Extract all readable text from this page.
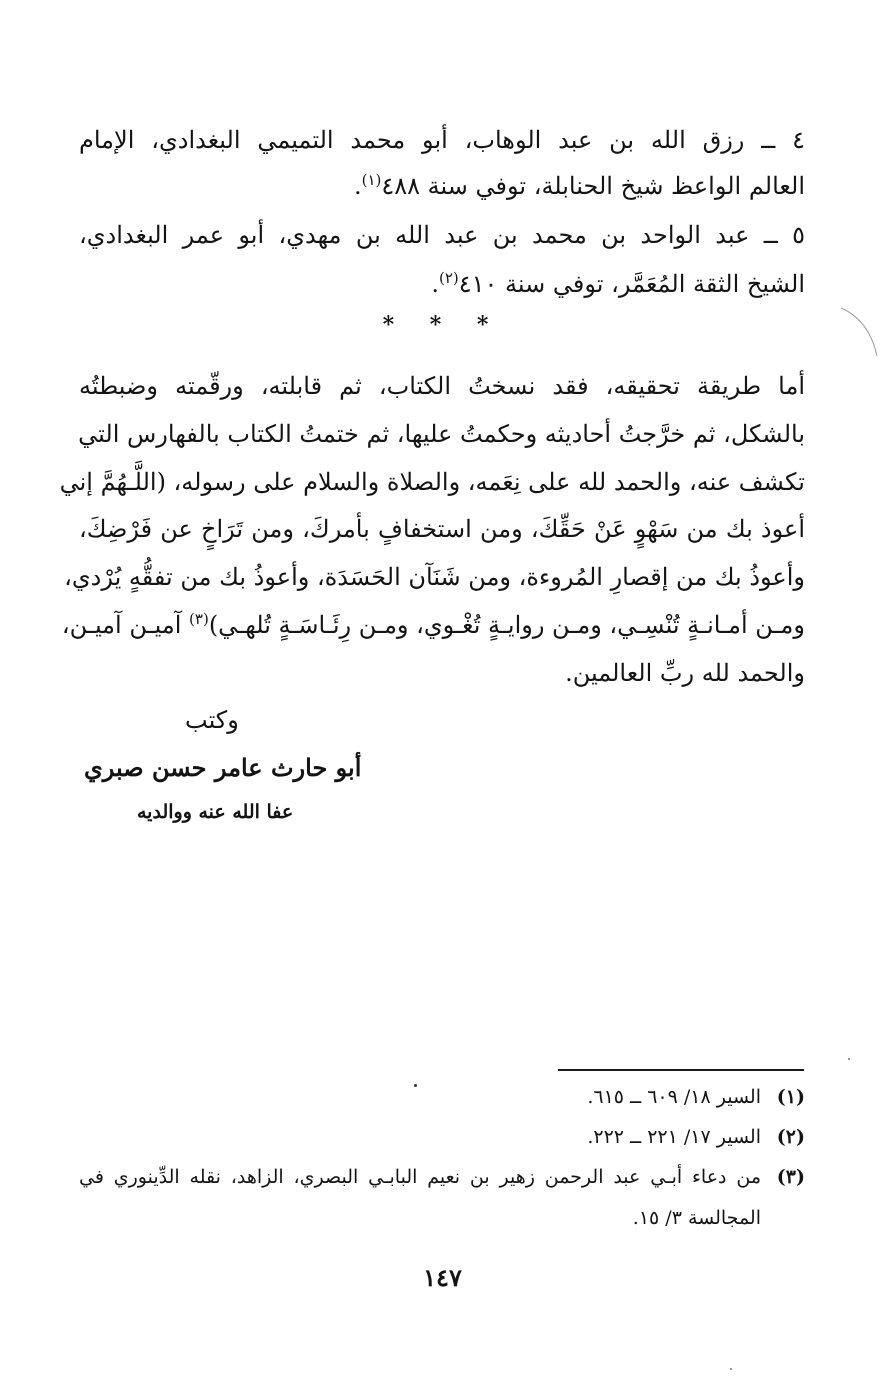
٤ ــ رزق الله بن عبد الوهاب، أبو محمد التميمي البغدادي، الإمام
العالم الواعظ شيخ الحنابلة، توفي سنة ٤٨٨$^{(١)}$.
٥ ــ عبد الواحد بن محمد بن عبد الله بن مهدي، أبو عمر البغدادي،
الشيخ الثقة المُعَمَّر، توفي سنة ٤١٠$^{(٢)}$.
* * *
أما طريقة تحقيقه، فقد نسختُ الكتاب، ثم قابلته، ورقّمته وضبطتُه
بالشكل، ثم خرَّجتُ أحاديثه وحكمتُ عليها، ثم ختمتُ الكتاب بالفهارس التي
تكشف عنه، والحمد لله على نِعَمه، والصلاة والسلام على رسوله، (اللَّـهُمَّ إني
أعوذ بك من سَهْوٍ عَنْ حَقِّكَ، ومن استخفافٍ بأمركَ، ومن تَرَاخٍ عن فَرْضِكَ،
وأعوذُ بك من إقصارِ المُروءة، ومن شَنَآن الحَسَدَة، وأعوذُ بك من تفقُّهٍ يُرْدي،
ومـن أمـانـةٍ تُنْسِـي، ومـن روايـةٍ تُغْـوي، ومـن رِئَـاسَـةٍ تُلهـي)$^{(٣)}$ آميـن آميـن،
والحمد لله ربِّ العالمين.
وكتب
أبو حارث عامر حسن صبري
عفا الله عنه ووالديه
(١)السير ١٨/ ٦٠٩ ــ ٦١٥.
(٢)السير ١٧/ ٢٢١ ــ ٢٢٢.
(٣)من دعاء أبـي عبد الرحمن زهير بن نعيم البابـي البصري، الزاهد، نقله الدِّينوري في
المجالسة ٣/ ١٥.
١٤٧
